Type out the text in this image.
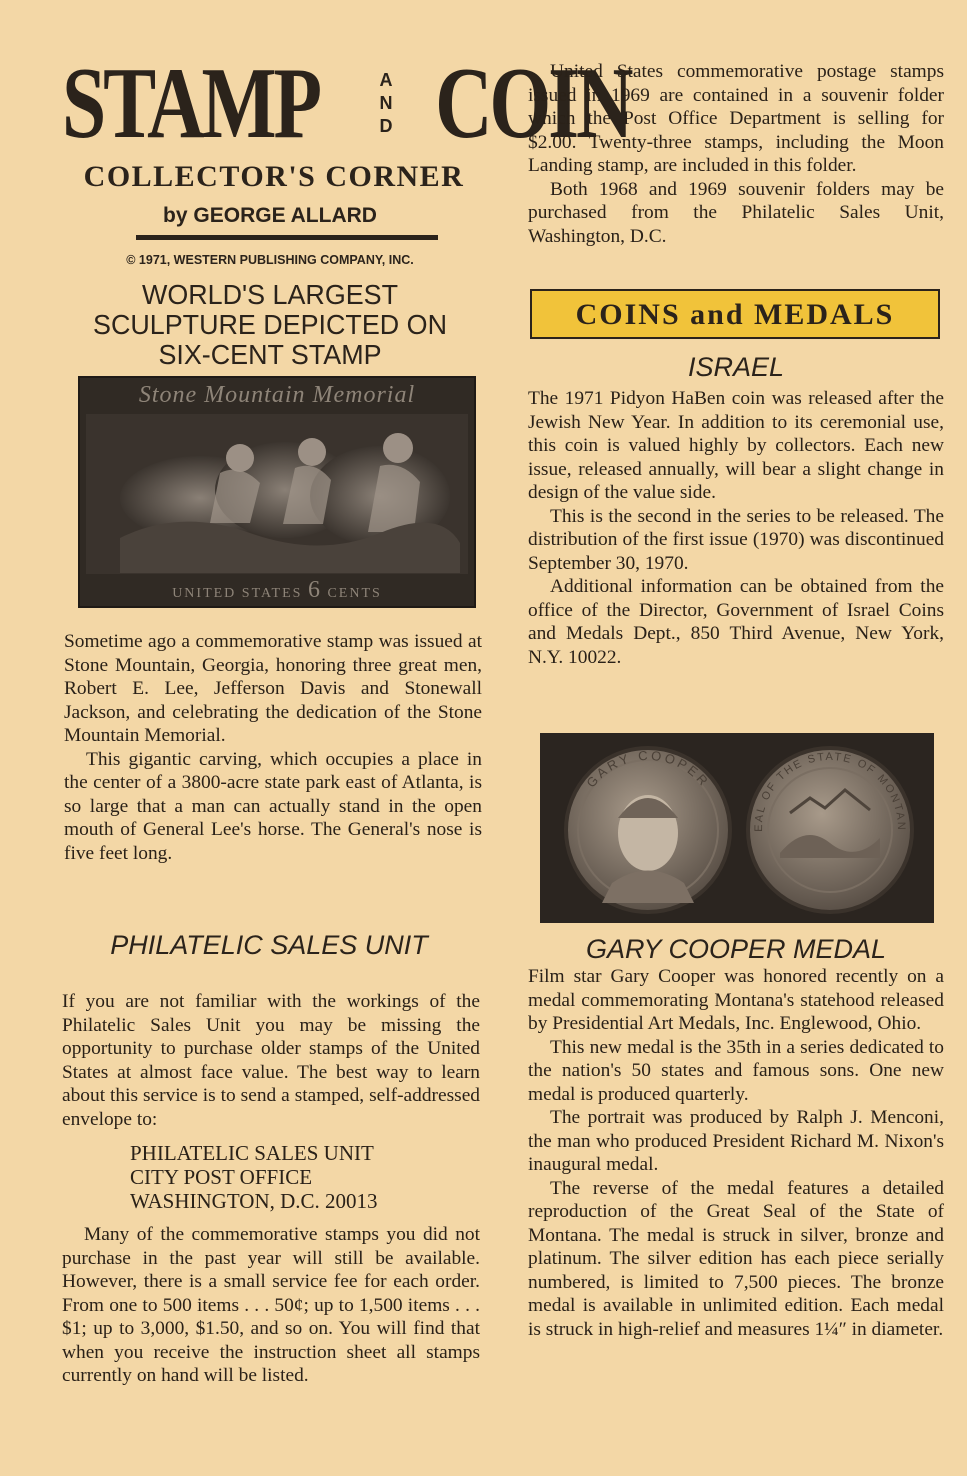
STAMP	A
N
D COIN
COLLECTOR'S CORNER
by GEORGE ALLARD
© 1971, WESTERN PUBLISHING COMPANY, INC.
WORLD'S LARGEST
SCULPTURE DEPICTED ON
SIX-CENT STAMP
Stone Mountain Memorial
UNITED STATES 6 CENTS

Sometime ago a commemorative stamp was issued at Stone Mountain, Georgia, honoring three great men, Robert E. Lee, Jefferson Davis and Stonewall Jackson, and celebrating the dedication of the Stone Mountain Memorial.

This gigantic carving, which occupies a place in the center of a 3800-acre state park east of Atlanta, is so large that a man can actually stand in the open mouth of General Lee's horse. The General's nose is five feet long.

PHILATELIC SALES UNIT

If you are not familiar with the workings of the Philatelic Sales Unit you may be missing the opportunity to purchase older stamps of the United States at almost face value. The best way to learn about this service is to send a stamped, self-addressed envelope to:

PHILATELIC SALES UNIT

CITY POST OFFICE

WASHINGTON, D.C. 20013

Many of the commemorative stamps you did not purchase in the past year will still be available. However, there is a small service fee for each order. From one to 500 items . . . 50¢; up to 1,500 items . . . $1; up to 3,000, $1.50, and so on. You will find that when you receive the instruction sheet all stamps currently on hand will be listed.

United States commemorative postage stamps issued in 1969 are contained in a souvenir folder which the Post Office Department is selling for $2.00. Twenty-three stamps, including the Moon Landing stamp, are included in this folder.

Both 1968 and 1969 souvenir folders may be purchased from the Philatelic Sales Unit, Washington, D.C.

COINS and MEDALS

ISRAEL

The 1971 Pidyon HaBen coin was released after the Jewish New Year. In addition to its ceremonial use, this coin is valued highly by collectors. Each new issue, released annually, will bear a slight change in design of the value side.

This is the second in the series to be released. The distribution of the first issue (1970) was discontinued September 30, 1970.

Additional information can be obtained from the office of the Director, Government of Israel Coins and Medals Dept., 850 Third Avenue, New York, N.Y. 10022.

GARY COOPER
EAL OF THE STATE OF MONTAN

GARY COOPER MEDAL

Film star Gary Cooper was honored recently on a medal commemorating Montana's statehood released by Presidential Art Medals, Inc. Englewood, Ohio.

This new medal is the 35th in a series dedicated to the nation's 50 states and famous sons. One new medal is produced quarterly.

The portrait was produced by Ralph J. Menconi, the man who produced President Richard M. Nixon's inaugural medal.

The reverse of the medal features a detailed reproduction of the Great Seal of the State of Montana. The medal is struck in silver, bronze and platinum. The silver edition has each piece serially numbered, is limited to 7,500 pieces. The bronze medal is available in unlimited edition. Each medal is struck in high-relief and measures 1¼″ in diameter.
